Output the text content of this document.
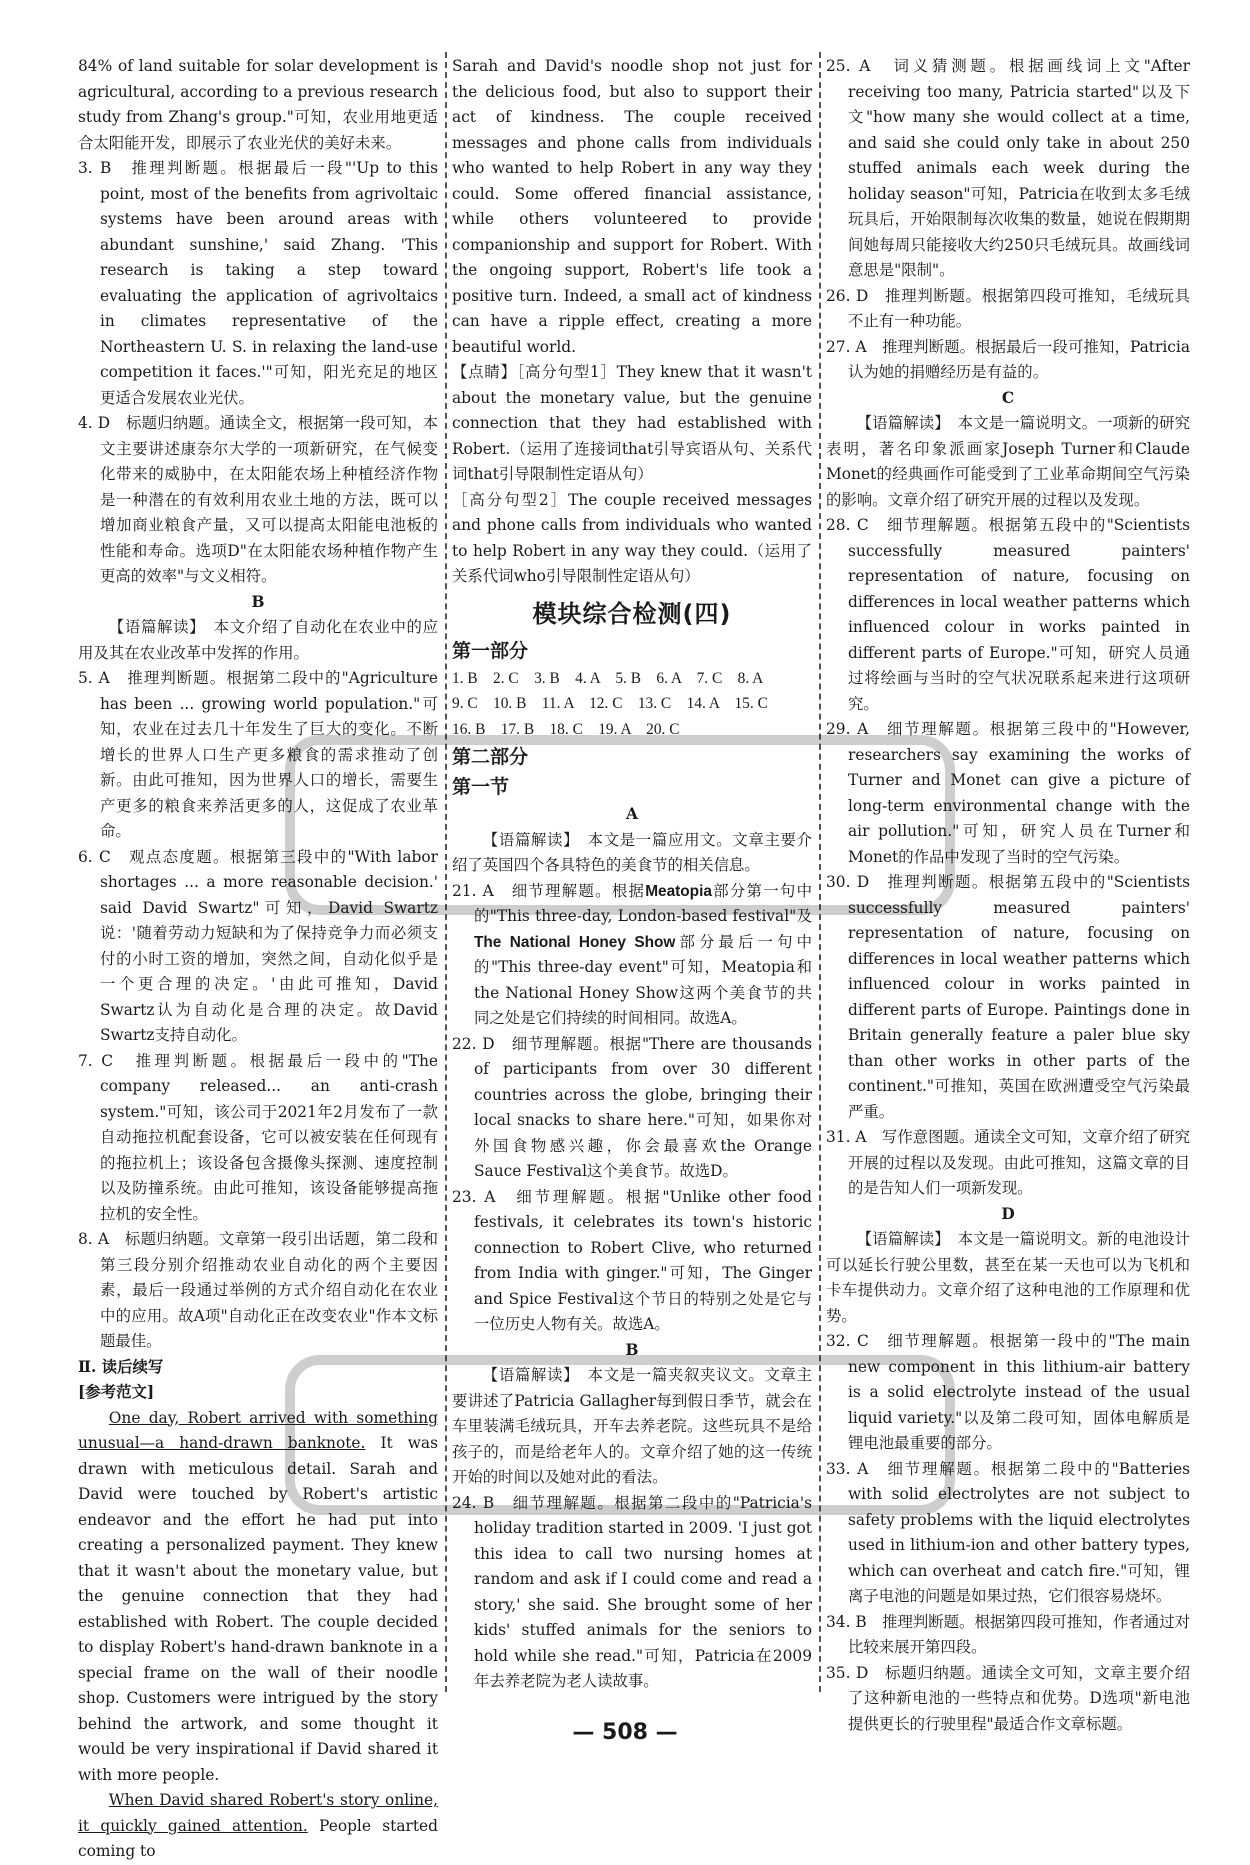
84% of land suitable for solar development is agricultural, according to a previous research study from Zhang's group."可知，农业用地更适合太阳能开发，即展示了农业光伏的美好未来。

3. B　推理判断题。根据最后一段"'Up to this point, most of the benefits from agrivoltaic systems have been around areas with abundant sunshine,' said Zhang. 'This research is taking a step toward evaluating the application of agrivoltaics in climates representative of the Northeastern U. S. in relaxing the land-use competition it faces.'"可知，阳光充足的地区更适合发展农业光伏。

4. D　标题归纳题。通读全文，根据第一段可知，本文主要讲述康奈尔大学的一项新研究，在气候变化带来的威胁中，在太阳能农场上种植经济作物是一种潜在的有效利用农业土地的方法，既可以增加商业粮食产量，又可以提高太阳能电池板的性能和寿命。选项D"在太阳能农场种植作物产生更高的效率"与文义相符。

B

【语篇解读】　本文介绍了自动化在农业中的应用及其在农业改革中发挥的作用。

5. A　推理判断题。根据第二段中的"Agriculture has been ... growing world population."可知，农业在过去几十年发生了巨大的变化。不断增长的世界人口生产更多粮食的需求推动了创新。由此可推知，因为世界人口的增长，需要生产更多的粮食来养活更多的人，这促成了农业革命。

6. C　观点态度题。根据第三段中的"With labor shortages ... a more reasonable decision.' said David Swartz"可知，David Swartz说：'随着劳动力短缺和为了保持竞争力而必须支付的小时工资的增加，突然之间，自动化似乎是一个更合理的决定。'由此可推知，David Swartz认为自动化是合理的决定。故David Swartz支持自动化。

7. C　推理判断题。根据最后一段中的"The company released... an anti-crash system."可知，该公司于2021年2月发布了一款自动拖拉机配套设备，它可以被安装在任何现有的拖拉机上；该设备包含摄像头探测、速度控制以及防撞系统。由此可推知，该设备能够提高拖拉机的安全性。

8. A　标题归纳题。文章第一段引出话题，第二段和第三段分别介绍推动农业自动化的两个主要因素，最后一段通过举例的方式介绍自动化在农业中的应用。故A项"自动化正在改变农业"作本文标题最佳。

Ⅱ. 读后续写

[参考范文]

One day, Robert arrived with something unusual—a hand-drawn banknote. It was drawn with meticulous detail. Sarah and David were touched by Robert's artistic endeavor and the effort he had put into creating a personalized payment. They knew that it wasn't about the monetary value, but the genuine connection that they had established with Robert. The couple decided to display Robert's hand-drawn banknote in a special frame on the wall of their noodle shop. Customers were intrigued by the story behind the artwork, and some thought it would be very inspirational if David shared it with more people.

When David shared Robert's story online, it quickly gained attention. People started coming to

Sarah and David's noodle shop not just for the delicious food, but also to support their act of kindness. The couple received messages and phone calls from individuals who wanted to help Robert in any way they could. Some offered financial assistance, while others volunteered to provide companionship and support for Robert. With the ongoing support, Robert's life took a positive turn. Indeed, a small act of kindness can have a ripple effect, creating a more beautiful world.

【点睛】［高分句型1］They knew that it wasn't about the monetary value, but the genuine connection that they had established with Robert.（运用了连接词that引导宾语从句、关系代词that引导限制性定语从句）

［高分句型2］The couple received messages and phone calls from individuals who wanted to help Robert in any way they could.（运用了关系代词who引导限制性定语从句）

模块综合检测(四)
第一部分
1. B　2. C　3. B　4. A　5. B　6. A　7. C　8. A
9. C　10. B　11. A　12. C　13. C　14. A　15. C
16. B　17. B　18. C　19. A　20. C
第二部分
第一节

A

【语篇解读】　本文是一篇应用文。文章主要介绍了英国四个各具特色的美食节的相关信息。

21. A　细节理解题。根据Meatopia部分第一句中的"This three-day, London-based festival"及The National Honey Show部分最后一句中的"This three-day event"可知，Meatopia和the National Honey Show这两个美食节的共同之处是它们持续的时间相同。故选A。

22. D　细节理解题。根据"There are thousands of participants from over 30 different countries across the globe, bringing their local snacks to share here."可知，如果你对外国食物感兴趣，你会最喜欢the Orange Sauce Festival这个美食节。故选D。

23. A　细节理解题。根据"Unlike other food festivals, it celebrates its town's historic connection to Robert Clive, who returned from India with ginger."可知，The Ginger and Spice Festival这个节日的特别之处是它与一位历史人物有关。故选A。

B

【语篇解读】　本文是一篇夹叙夹议文。文章主要讲述了Patricia Gallagher每到假日季节，就会在车里装满毛绒玩具，开车去养老院。这些玩具不是给孩子的，而是给老年人的。文章介绍了她的这一传统开始的时间以及她对此的看法。

24. B　细节理解题。根据第二段中的"Patricia's holiday tradition started in 2009. 'I just got this idea to call two nursing homes at random and ask if I could come and read a story,' she said. She brought some of her kids' stuffed animals for the seniors to hold while she read."可知，Patricia在2009年去养老院为老人读故事。

25. A　词义猜测题。根据画线词上文"After receiving too many, Patricia started"以及下文"how many she would collect at a time, and said she could only take in about 250 stuffed animals each week during the holiday season"可知，Patricia在收到太多毛绒玩具后，开始限制每次收集的数量，她说在假期期间她每周只能接收大约250只毛绒玩具。故画线词意思是"限制"。

26. D　推理判断题。根据第四段可推知，毛绒玩具不止有一种功能。

27. A　推理判断题。根据最后一段可推知，Patricia认为她的捐赠经历是有益的。

C

【语篇解读】　本文是一篇说明文。一项新的研究表明，著名印象派画家Joseph Turner和Claude Monet的经典画作可能受到了工业革命期间空气污染的影响。文章介绍了研究开展的过程以及发现。

28. C　细节理解题。根据第五段中的"Scientists successfully measured painters' representation of nature, focusing on differences in local weather patterns which influenced colour in works painted in different parts of Europe."可知，研究人员通过将绘画与当时的空气状况联系起来进行这项研究。

29. A　细节理解题。根据第三段中的"However, researchers say examining the works of Turner and Monet can give a picture of long-term environmental change with the air pollution."可知，研究人员在Turner和Monet的作品中发现了当时的空气污染。

30. D　推理判断题。根据第五段中的"Scientists successfully measured painters' representation of nature, focusing on differences in local weather patterns which influenced colour in works painted in different parts of Europe. Paintings done in Britain generally feature a paler blue sky than other works in other parts of the continent."可推知，英国在欧洲遭受空气污染最严重。

31. A　写作意图题。通读全文可知，文章介绍了研究开展的过程以及发现。由此可推知，这篇文章的目的是告知人们一项新发现。

D

【语篇解读】　本文是一篇说明文。新的电池设计可以延长行驶公里数，甚至在某一天也可以为飞机和卡车提供动力。文章介绍了这种电池的工作原理和优势。

32. C　细节理解题。根据第一段中的"The main new component in this lithium-air battery is a solid electrolyte instead of the usual liquid variety."以及第二段可知，固体电解质是锂电池最重要的部分。

33. A　细节理解题。根据第二段中的"Batteries with solid electrolytes are not subject to safety problems with the liquid electrolytes used in lithium-ion and other battery types, which can overheat and catch fire."可知，锂离子电池的问题是如果过热，它们很容易烧坏。

34. B　推理判断题。根据第四段可推知，作者通过对比较来展开第四段。

35. D　标题归纳题。通读全文可知，文章主要介绍了这种新电池的一些特点和优势。D选项"新电池提供更长的行驶里程"最适合作文章标题。

— 508 —
